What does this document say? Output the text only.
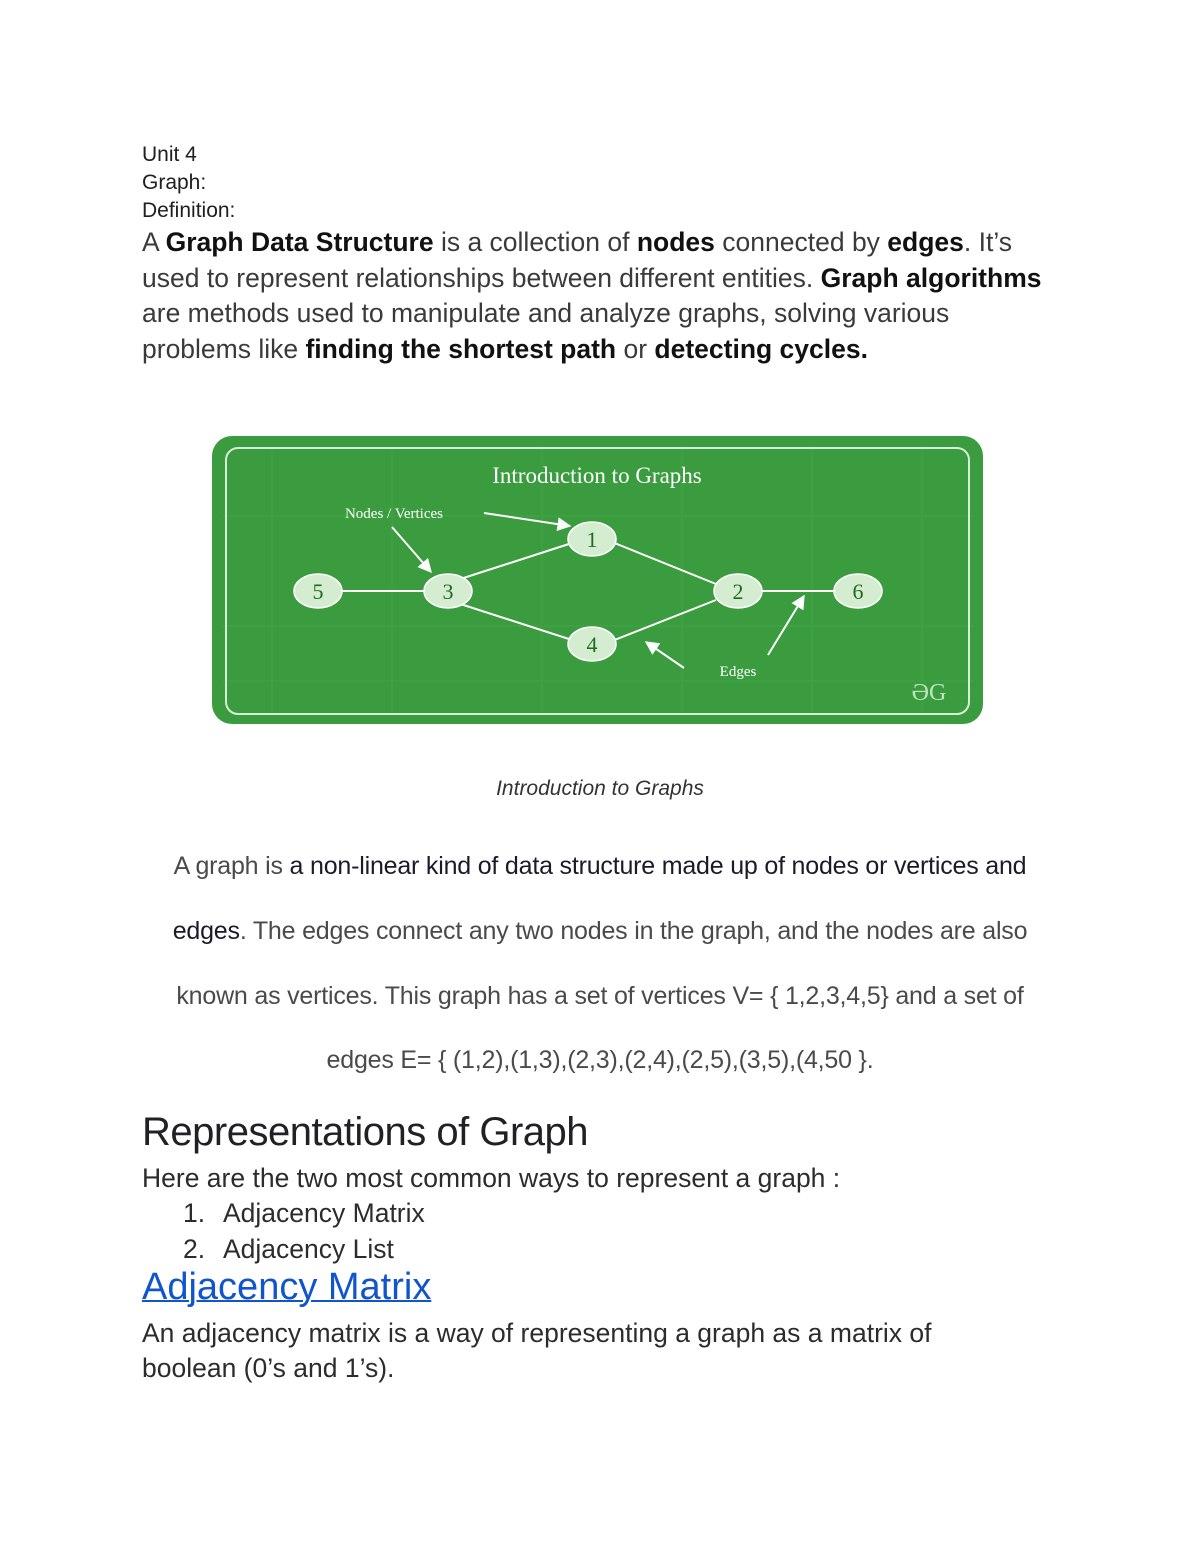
Unit 4
Graph:
Definition:
A Graph Data Structure is a collection of nodes connected by edges. It’s used to represent relationships between different entities. Graph algorithms are methods used to manipulate and analyze graphs, solving various problems like finding the shortest path or detecting cycles.
Introduction to Graphs
Nodes / Vertices
Edges
ƏG
5	3
1
4
2	6
Introduction to Graphs
A graph is a non-linear kind of data structure made up of nodes or vertices and
edges. The edges connect any two nodes in the graph, and the nodes are also
known as vertices. This graph has a set of vertices V= { 1,2,3,4,5} and a set of
edges E= { (1,2),(1,3),(2,3),(2,4),(2,5),(3,5),(4,50 }.
Representations of Graph
Here are the two most common ways to represent a graph :
1. Adjacency Matrix
2. Adjacency List
Adjacency Matrix
An adjacency matrix is a way of representing a graph as a matrix of
boolean (0’s and 1’s).
